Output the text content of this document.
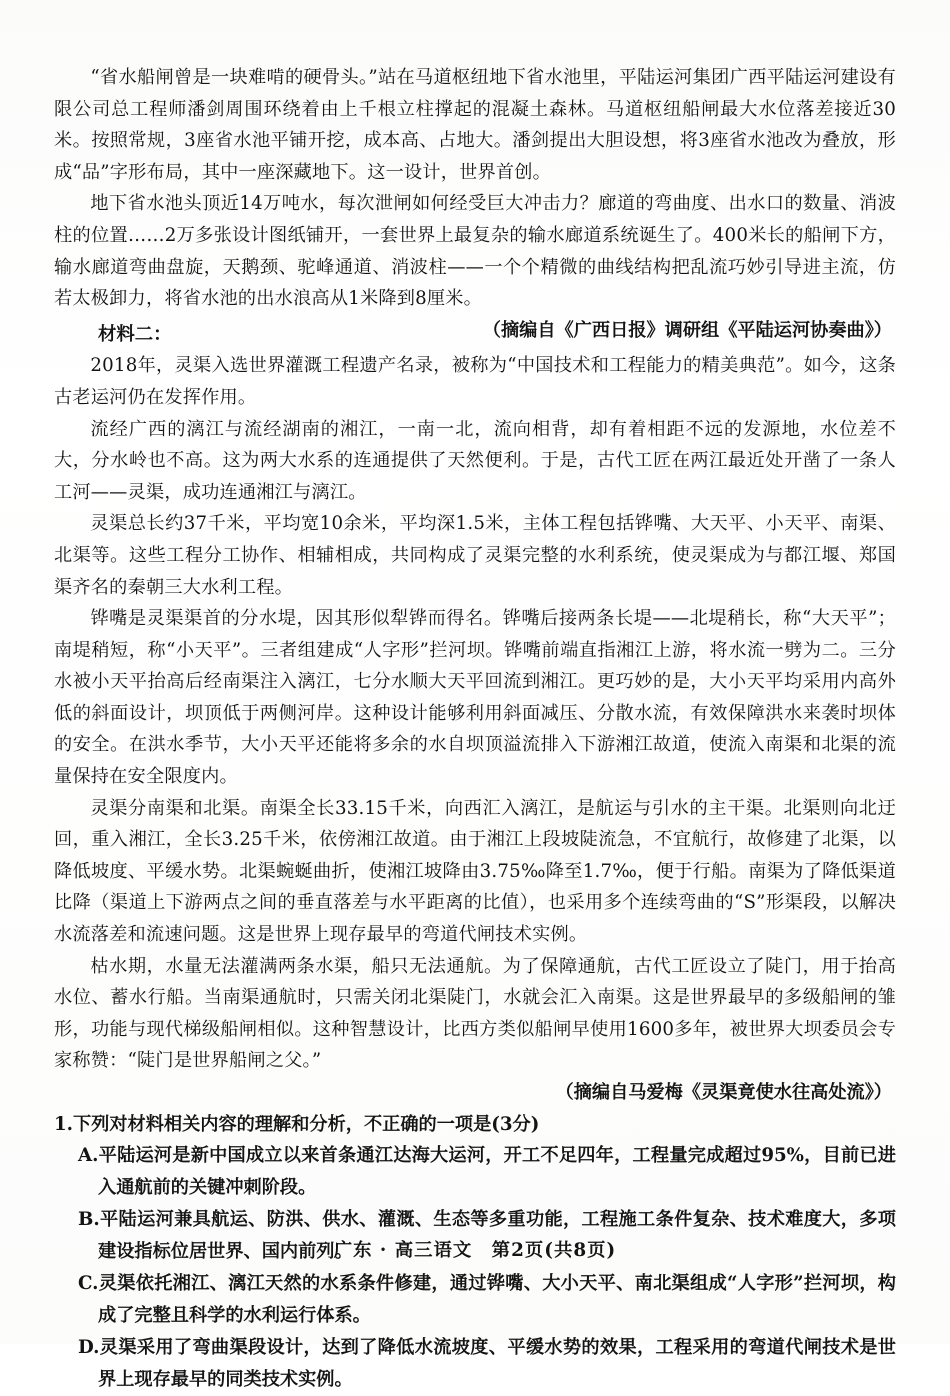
“省水船闸曾是一块难啃的硬骨头。”站在马道枢纽地下省水池里，平陆运河集团广西平陆运河建设有限公司总工程师潘剑周围环绕着由上千根立柱撑起的混凝土森林。马道枢纽船闸最大水位落差接近30米。按照常规，3座省水池平铺开挖，成本高、占地大。潘剑提出大胆设想，将3座省水池改为叠放，形成“品”字形布局，其中一座深藏地下。这一设计，世界首创。

地下省水池头顶近14万吨水，每次泄闸如何经受巨大冲击力？廊道的弯曲度、出水口的数量、消波柱的位置……2万多张设计图纸铺开，一套世界上最复杂的输水廊道系统诞生了。400米长的船闸下方，输水廊道弯曲盘旋，天鹅颈、驼峰通道、消波柱——一个个精微的曲线结构把乱流巧妙引导进主流，仿若太极卸力，将省水池的出水浪高从1米降到8厘米。

（摘编自《广西日报》调研组《平陆运河协奏曲》）

材料二：

2018年，灵渠入选世界灌溉工程遗产名录，被称为“中国技术和工程能力的精美典范”。如今，这条古老运河仍在发挥作用。

流经广西的漓江与流经湖南的湘江，一南一北，流向相背，却有着相距不远的发源地，水位差不大，分水岭也不高。这为两大水系的连通提供了天然便利。于是，古代工匠在两江最近处开凿了一条人工河——灵渠，成功连通湘江与漓江。

灵渠总长约37千米，平均宽10余米，平均深1.5米，主体工程包括铧嘴、大天平、小天平、南渠、北渠等。这些工程分工协作、相辅相成，共同构成了灵渠完整的水利系统，使灵渠成为与都江堰、郑国渠齐名的秦朝三大水利工程。

铧嘴是灵渠渠首的分水堤，因其形似犁铧而得名。铧嘴后接两条长堤——北堤稍长，称“大天平”；南堤稍短，称“小天平”。三者组建成“人字形”拦河坝。铧嘴前端直指湘江上游，将水流一劈为二。三分水被小天平抬高后经南渠注入漓江，七分水顺大天平回流到湘江。更巧妙的是，大小天平均采用内高外低的斜面设计，坝顶低于两侧河岸。这种设计能够利用斜面减压、分散水流，有效保障洪水来袭时坝体的安全。在洪水季节，大小天平还能将多余的水自坝顶溢流排入下游湘江故道，使流入南渠和北渠的流量保持在安全限度内。

灵渠分南渠和北渠。南渠全长33.15千米，向西汇入漓江，是航运与引水的主干渠。北渠则向北迂回，重入湘江，全长3.25千米，依傍湘江故道。由于湘江上段坡陡流急，不宜航行，故修建了北渠，以降低坡度、平缓水势。北渠蜿蜒曲折，使湘江坡降由3.75‰降至1.7‰，便于行船。南渠为了降低渠道比降（渠道上下游两点之间的垂直落差与水平距离的比值），也采用多个连续弯曲的“S”形渠段，以解决水流落差和流速问题。这是世界上现存最早的弯道代闸技术实例。

枯水期，水量无法灌满两条水渠，船只无法通航。为了保障通航，古代工匠设立了陡门，用于抬高水位、蓄水行船。当南渠通航时，只需关闭北渠陡门，水就会汇入南渠。这是世界最早的多级船闸的雏形，功能与现代梯级船闸相似。这种智慧设计，比西方类似船闸早使用1600多年，被世界大坝委员会专家称赞：“陡门是世界船闸之父。”

（摘编自马爱梅《灵渠竟使水往高处流》）

1.下列对材料相关内容的理解和分析，不正确的一项是(3分)

A.平陆运河是新中国成立以来首条通江达海大运河，开工不足四年，工程量完成超过95%，目前已进入通航前的关键冲刺阶段。

B.平陆运河兼具航运、防洪、供水、灌溉、生态等多重功能，工程施工条件复杂、技术难度大，多项建设指标位居世界、国内前列。

C.灵渠依托湘江、漓江天然的水系条件修建，通过铧嘴、大小天平、南北渠组成“人字形”拦河坝，构成了完整且科学的水利运行体系。

D.灵渠采用了弯曲渠段设计，达到了降低水流坡度、平缓水势的效果，工程采用的弯道代闸技术是世界上现存最早的同类技术实例。

广东 · 高三语文　第2页(共8页)
